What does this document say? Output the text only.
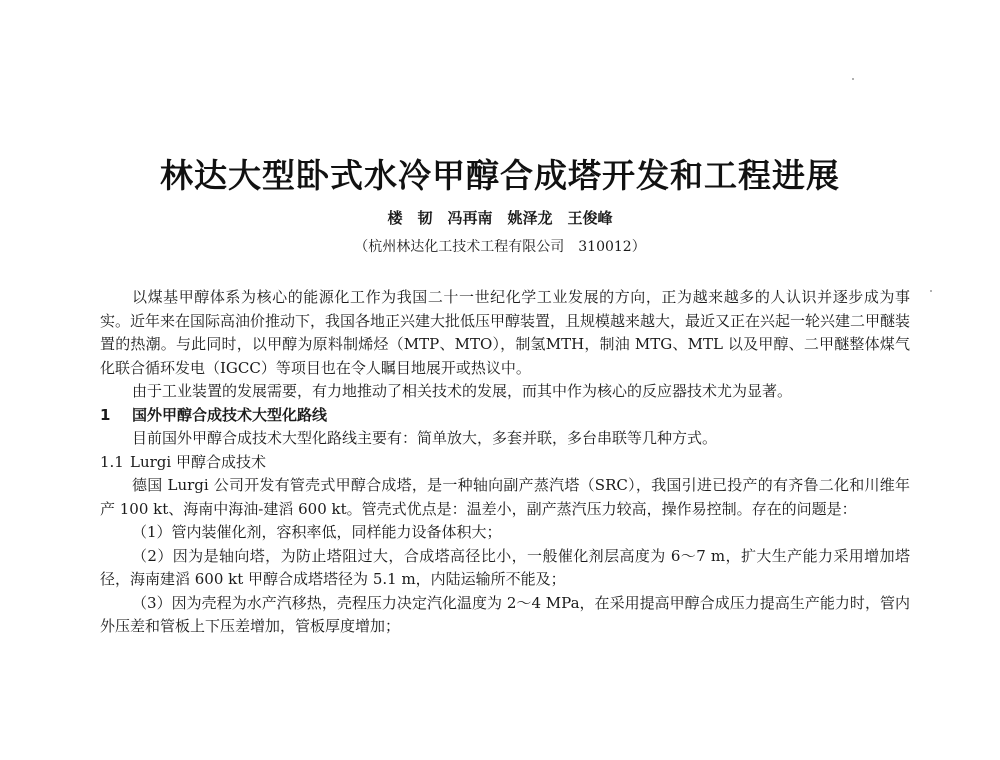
林达大型卧式水冷甲醇合成塔开发和工程进展
楼　韧　冯再南　姚泽龙　王俊峰
（杭州林达化工技术工程有限公司　310012）

以煤基甲醇体系为核心的能源化工作为我国二十一世纪化学工业发展的方向，正为越来越多的人认识并逐步成为事实。近年来在国际高油价推动下，我国各地正兴建大批低压甲醇装置，且规模越来越大，最近又正在兴起一轮兴建二甲醚装置的热潮。与此同时，以甲醇为原料制烯烃（MTP、MTO），制氢MTH，制油 MTG、MTL 以及甲醇、二甲醚整体煤气化联合循环发电（IGCC）等项目也在令人瞩目地展开或热议中。

由于工业装置的发展需要，有力地推动了相关技术的发展，而其中作为核心的反应器技术尤为显著。

1 国外甲醇合成技术大型化路线

目前国外甲醇合成技术大型化路线主要有：简单放大，多套并联，多台串联等几种方式。

1.1 Lurgi 甲醇合成技术

德国 Lurgi 公司开发有管壳式甲醇合成塔，是一种轴向副产蒸汽塔（SRC），我国引进已投产的有齐鲁二化和川维年产 100 kt、海南中海油-建滔 600 kt。管壳式优点是：温差小，副产蒸汽压力较高，操作易控制。存在的问题是：

（1）管内装催化剂，容积率低，同样能力设备体积大；

（2）因为是轴向塔，为防止塔阻过大，合成塔高径比小，一般催化剂层高度为 6～7 m，扩大生产能力采用增加塔径，海南建滔 600 kt 甲醇合成塔塔径为 5.1 m，内陆运输所不能及；

（3）因为壳程为水产汽移热，壳程压力决定汽化温度为 2～4 MPa，在采用提高甲醇合成压力提高生产能力时，管内外压差和管板上下压差增加，管板厚度增加；
